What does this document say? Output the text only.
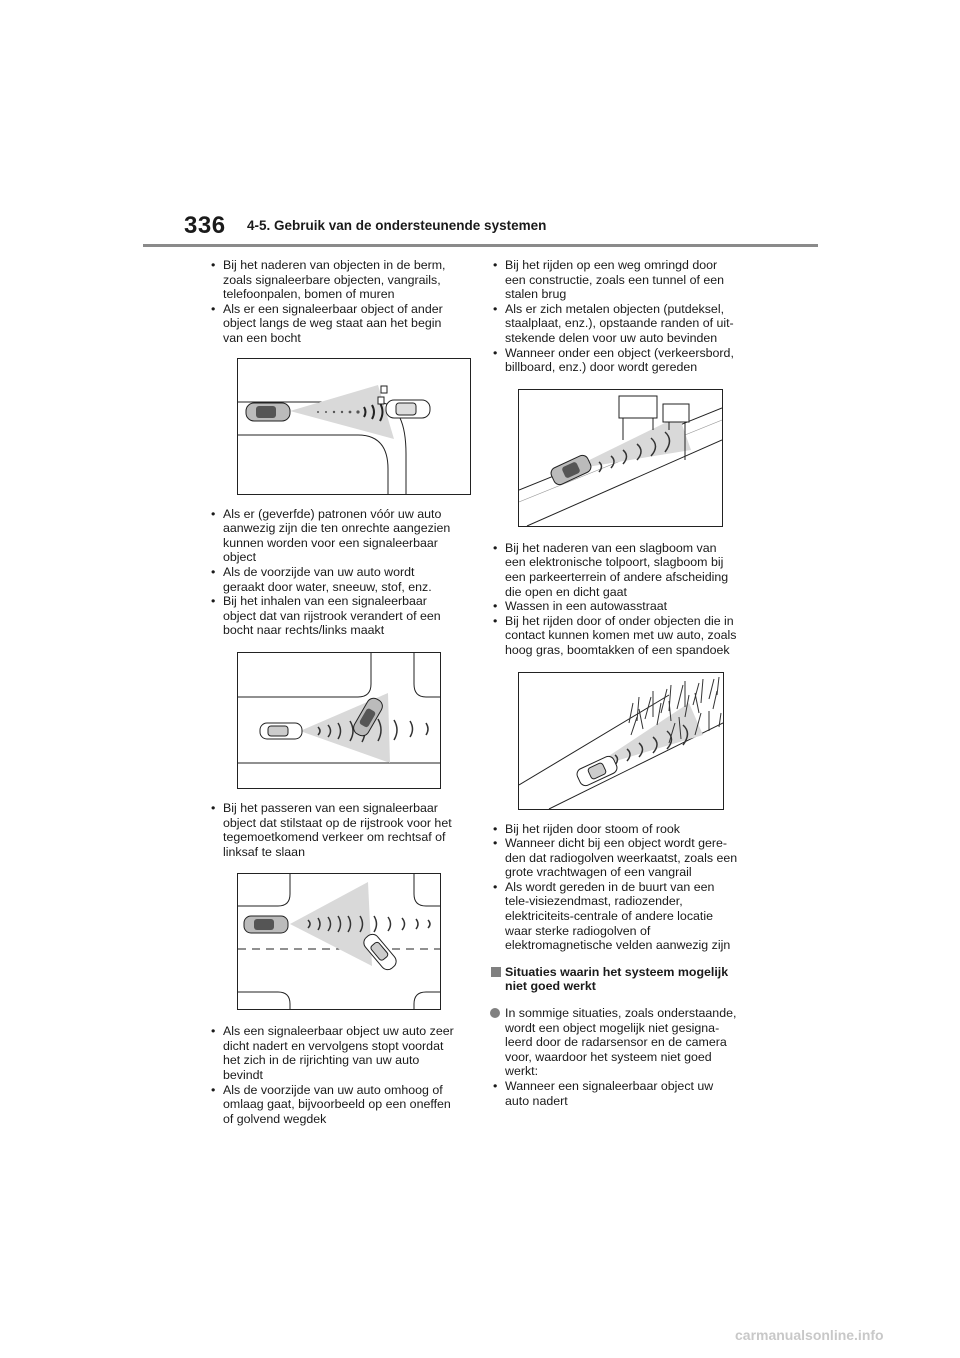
336 4-5. Gebruik van de ondersteunende systemen
• Bij het naderen van objecten in de berm, zoals signaleerbare objecten, vangrails, telefoonpalen, bomen of muren
• Als er een signaleerbaar object of ander object langs de weg staat aan het begin van een bocht
• Als er (geverfde) patronen vóór uw auto aanwezig zijn die ten onrechte aangezien kunnen worden voor een signaleerbaar object
• Als de voorzijde van uw auto wordt geraakt door water, sneeuw, stof, enz.
• Bij het inhalen van een signaleerbaar object dat van rijstrook verandert of een bocht naar rechts/links maakt
• Bij het passeren van een signaleerbaar object dat stilstaat op de rijstrook voor het tegemoetkomend verkeer om rechtsaf of linksaf te slaan
• Als een signaleerbaar object uw auto zeer dicht nadert en vervolgens stopt voordat het zich in de rijrichting van uw auto bevindt
• Als de voorzijde van uw auto omhoog of omlaag gaat, bijvoorbeeld op een oneffen of golvend wegdek
• Bij het rijden op een weg omringd door een constructie, zoals een tunnel of een stalen brug
• Als er zich metalen objecten (putdeksel, staalplaat, enz.), opstaande randen of uit-stekende delen voor uw auto bevinden
• Wanneer onder een object (verkeersbord, billboard, enz.) door wordt gereden
• Bij het naderen van een slagboom van een elektronische tolpoort, slagboom bij een parkeerterrein of andere afscheiding die open en dicht gaat
• Wassen in een autowasstraat
• Bij het rijden door of onder objecten die in contact kunnen komen met uw auto, zoals hoog gras, boomtakken of een spandoek
• Bij het rijden door stoom of rook
• Wanneer dicht bij een object wordt gere-den dat radiogolven weerkaatst, zoals een grote vrachtwagen of een vangrail
• Als wordt gereden in de buurt van een tele-visiezendmast, radiozender, elektriciteits-centrale of andere locatie waar sterke radiogolven of elektromagnetische velden aanwezig zijn
Situaties waarin het systeem mogelijk niet goed werkt
In sommige situaties, zoals onderstaande, wordt een object mogelijk niet gesigna-leerd door de radarsensor en de camera voor, waardoor het systeem niet goed werkt:
• Wanneer een signaleerbaar object uw auto nadert
carmanualsonline.info
